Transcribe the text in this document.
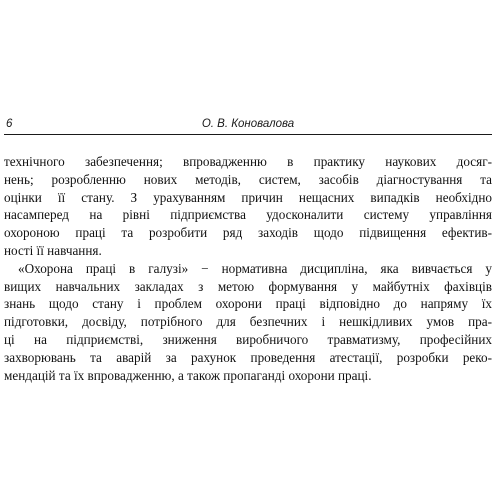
6	О. В. Коновалова
технічного забезпечення; впровадженню в практику наукових досяг-
нень; розробленню нових методів, систем, засобів діагностування та
оцінки її стану. З урахуванням причин нещасних випадків необхідно
насамперед на рівні підприємства удосконалити систему управління
охороною праці та розробити ряд заходів щодо підвищення ефектив-
ності її навчання.
«Охорона праці в галузі» − нормативна дисципліна, яка вивчається у
вищих навчальних закладах з метою формування у майбутніх фахівців
знань щодо стану і проблем охорони праці відповідно до напряму їх
підготовки, досвіду, потрібного для безпечних і нешкідливих умов пра-
ці на підприємстві, зниження виробничого травматизму, професійних
захворювань та аварій за рахунок проведення атестації, розробки реко-
мендацій та їх впровадженню, а також пропаганді охорони праці.
